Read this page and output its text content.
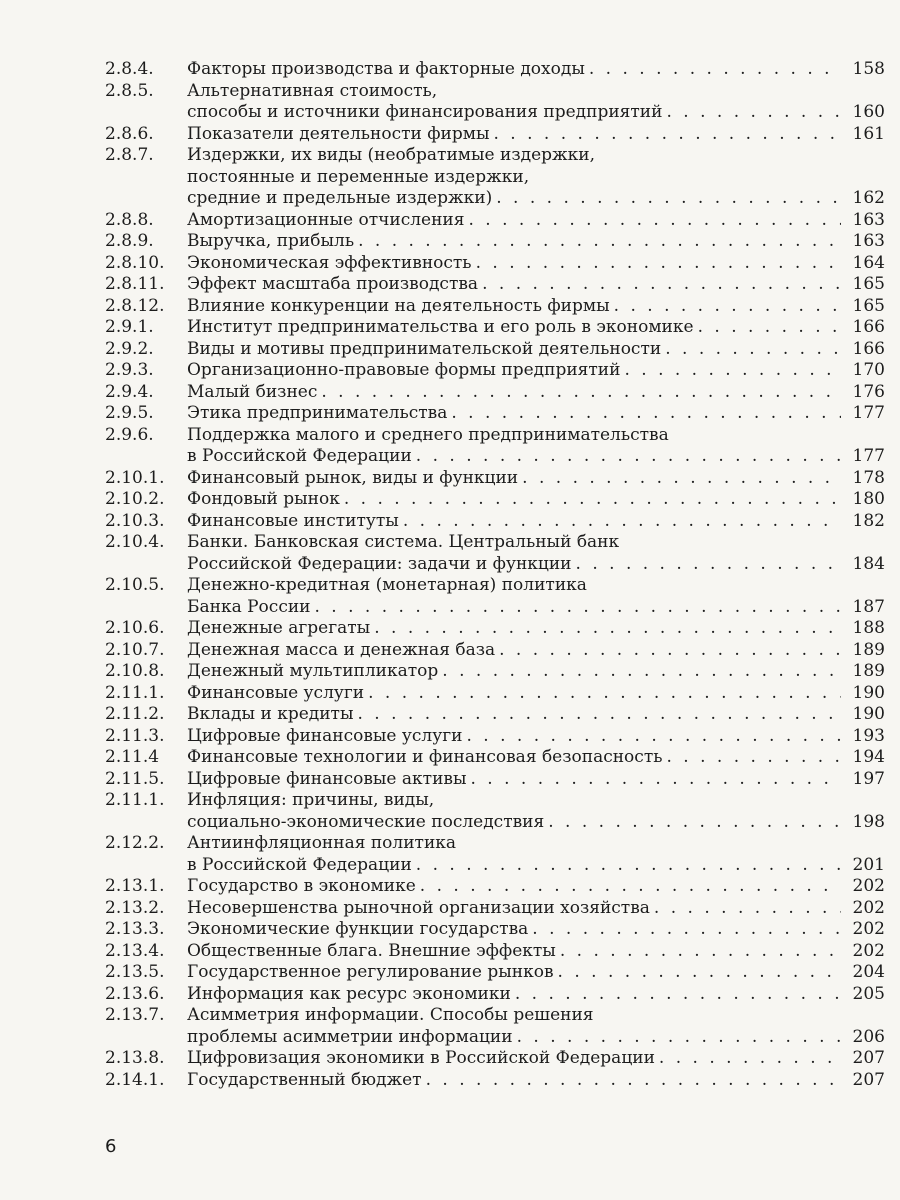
2.8.4.	Факторы производства и факторные доходы . . .	158
2.8.5.	Альтернативная стоимость,
способы и источники финансирования предприятий . . .	160
2.8.6.	Показатели деятельности фирмы . . .	161
2.8.7.	Издержки, их виды (необратимые издержки,
постоянные и переменные издержки,
средние и предельные издержки) . . .	162
2.8.8.	Амортизационные отчисления . . .	163
2.8.9.	Выручка, прибыль . . .	163
2.8.10.	Экономическая эффективность . . .	164
2.8.11.	Эффект масштаба производства . . .	165
2.8.12.	Влияние конкуренции на деятельность фирмы . . .	165
2.9.1.	Институт предпринимательства и его роль в экономике . . .	166
2.9.2.	Виды и мотивы предпринимательской деятельности . . .	166
2.9.3.	Организационно-правовые формы предприятий . . .	170
2.9.4.	Малый бизнес . . .	176
2.9.5.	Этика предпринимательства . . .	177
2.9.6.	Поддержка малого и среднего предпринимательства
в Российской Федерации . . .	177
2.10.1.	Финансовый рынок, виды и функции . . .	178
2.10.2.	Фондовый рынок . . .	180
2.10.3.	Финансовые институты . . .	182
2.10.4.	Банки. Банковская система. Центральный банк
Российской Федерации: задачи и функции . . .	184
2.10.5.	Денежно-кредитная (монетарная) политика
Банка России . . .	187
2.10.6.	Денежные агрегаты . . .	188
2.10.7.	Денежная масса и денежная база . . .	189
2.10.8.	Денежный мультипликатор . . .	189
2.11.1.	Финансовые услуги . . .	190
2.11.2.	Вклады и кредиты . . .	190
2.11.3.	Цифровые финансовые услуги . . .	193
2.11.4	Финансовые технологии и финансовая безопасность . . .	194
2.11.5.	Цифровые финансовые активы . . .	197
2.11.1.	Инфляция: причины, виды,
социально-экономические последствия . . .	198
2.12.2.	Антиинфляционная политика
в Российской Федерации . . .	201
2.13.1.	Государство в экономике . . .	202
2.13.2.	Несовершенства рыночной организации хозяйства . . .	202
2.13.3.	Экономические функции государства . . .	202
2.13.4.	Общественные блага. Внешние эффекты . . .	202
2.13.5.	Государственное регулирование рынков . . .	204
2.13.6.	Информация как ресурс экономики . . .	205
2.13.7.	Асимметрия информации. Способы решения
проблемы асимметрии информации . . .	206
2.13.8.	Цифровизация экономики в Российской Федерации . . .	207
2.14.1.	Государственный бюджет . . .	207
6
